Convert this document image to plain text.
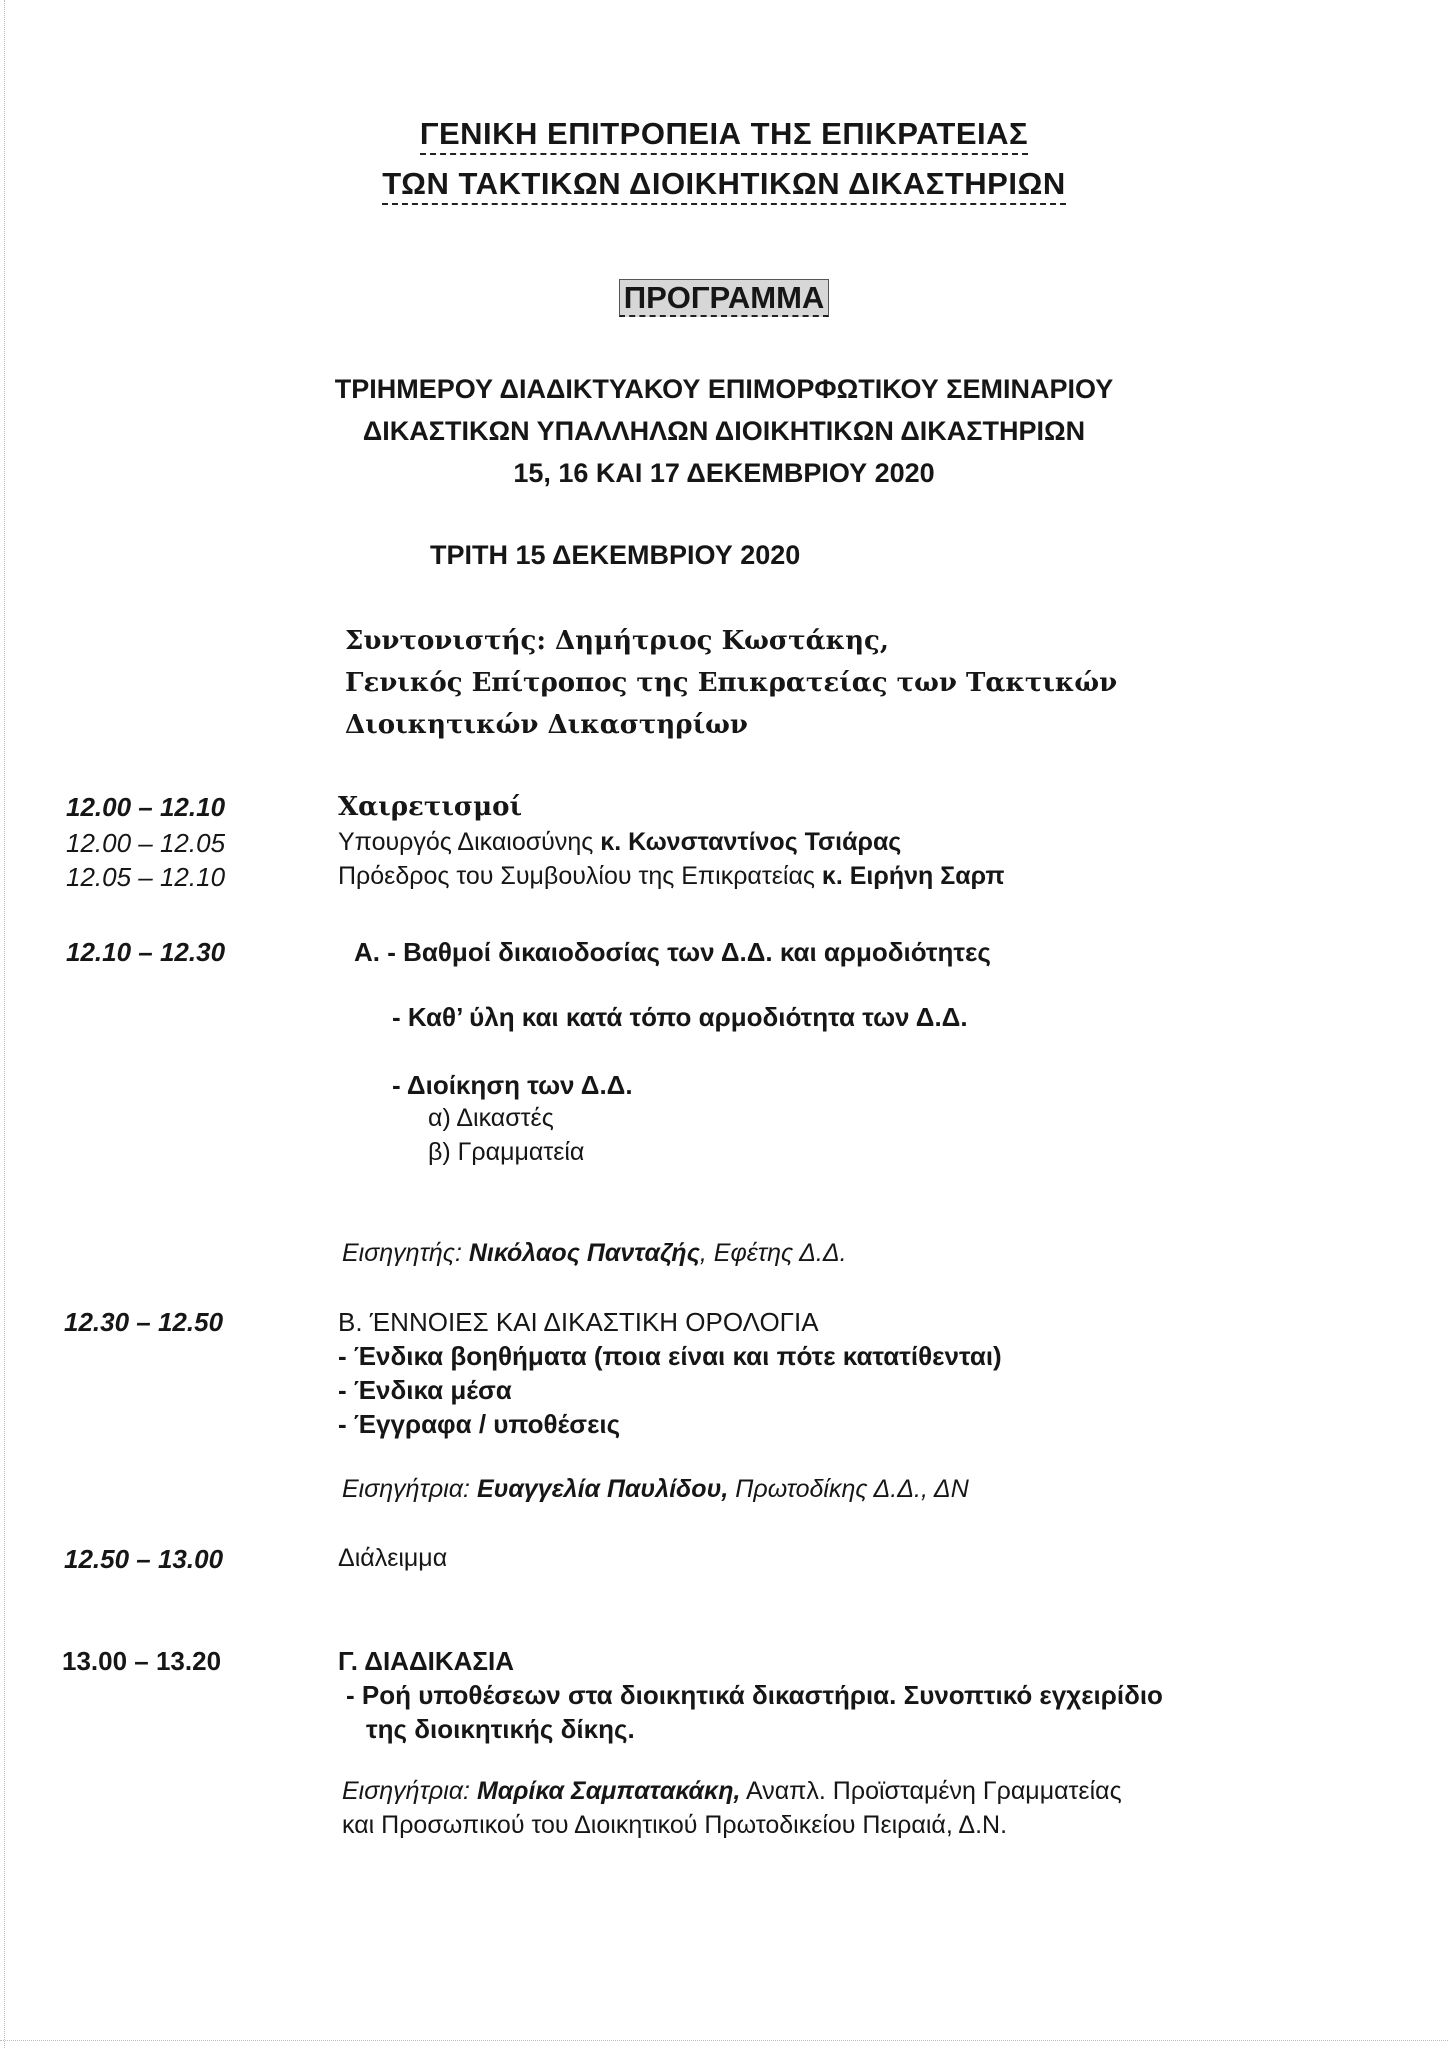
ΓΕΝΙΚΗ ΕΠΙΤΡΟΠΕΙΑ ΤΗΣ ΕΠΙΚΡΑΤΕΙΑΣ
ΤΩΝ ΤΑΚΤΙΚΩΝ ΔΙΟΙΚΗΤΙΚΩΝ ΔΙΚΑΣΤΗΡΙΩΝ
ΠΡΟΓΡΑΜΜΑ
ΤΡΙΗΜΕΡΟΥ ΔΙΑΔΙΚΤΥΑΚΟΥ ΕΠΙΜΟΡΦΩΤΙΚΟΥ ΣΕΜΙΝΑΡΙΟΥ
ΔΙΚΑΣΤΙΚΩΝ ΥΠΑΛΛΗΛΩΝ ΔΙΟΙΚΗΤΙΚΩΝ ΔΙΚΑΣΤΗΡΙΩΝ
15, 16 ΚΑΙ 17 ΔΕΚΕΜΒΡΙΟΥ 2020
ΤΡΙΤΗ 15 ΔΕΚΕΜΒΡΙΟΥ 2020
Συντονιστής: Δημήτριος Κωστάκης,
Γενικός Επίτροπος της Επικρατείας των Τακτικών
Διοικητικών Δικαστηρίων
12.00 – 12.10	Χαιρετισμοί
12.00 – 12.05	Υπουργός Δικαιοσύνης κ. Κωνσταντίνος Τσιάρας
12.05 – 12.10	Πρόεδρος του Συμβουλίου της Επικρατείας κ. Ειρήνη Σαρπ
12.10 – 12.30	Α. - Βαθμοί δικαιοδοσίας των Δ.Δ. και αρμοδιότητες
- Καθ’ ύλη και κατά τόπο αρμοδιότητα των Δ.Δ.
- Διοίκηση των Δ.Δ.
α) Δικαστές
β) Γραμματεία
Εισηγητής: Νικόλαος Πανταζής, Εφέτης Δ.Δ.
12.30 – 12.50	Β. ΈΝΝΟΙΕΣ ΚΑΙ ΔΙΚΑΣΤΙΚΗ ΟΡΟΛΟΓΙΑ
- Ένδικα βοηθήματα (ποια είναι και πότε κατατίθενται)
- Ένδικα μέσα
- Έγγραφα / υποθέσεις
Εισηγήτρια: Ευαγγελία Παυλίδου, Πρωτοδίκης Δ.Δ., ΔΝ
12.50 – 13.00	Διάλειμμα
13.00 – 13.20	Γ. ΔΙΑΔΙΚΑΣΙΑ
- Ροή υποθέσεων στα διοικητικά δικαστήρια. Συνοπτικό εγχειρίδιο
της διοικητικής δίκης.
Εισηγήτρια: Μαρίκα Σαμπατακάκη, Αναπλ. Προϊσταμένη Γραμματείας
και Προσωπικού του Διοικητικού Πρωτοδικείου Πειραιά, Δ.Ν.
